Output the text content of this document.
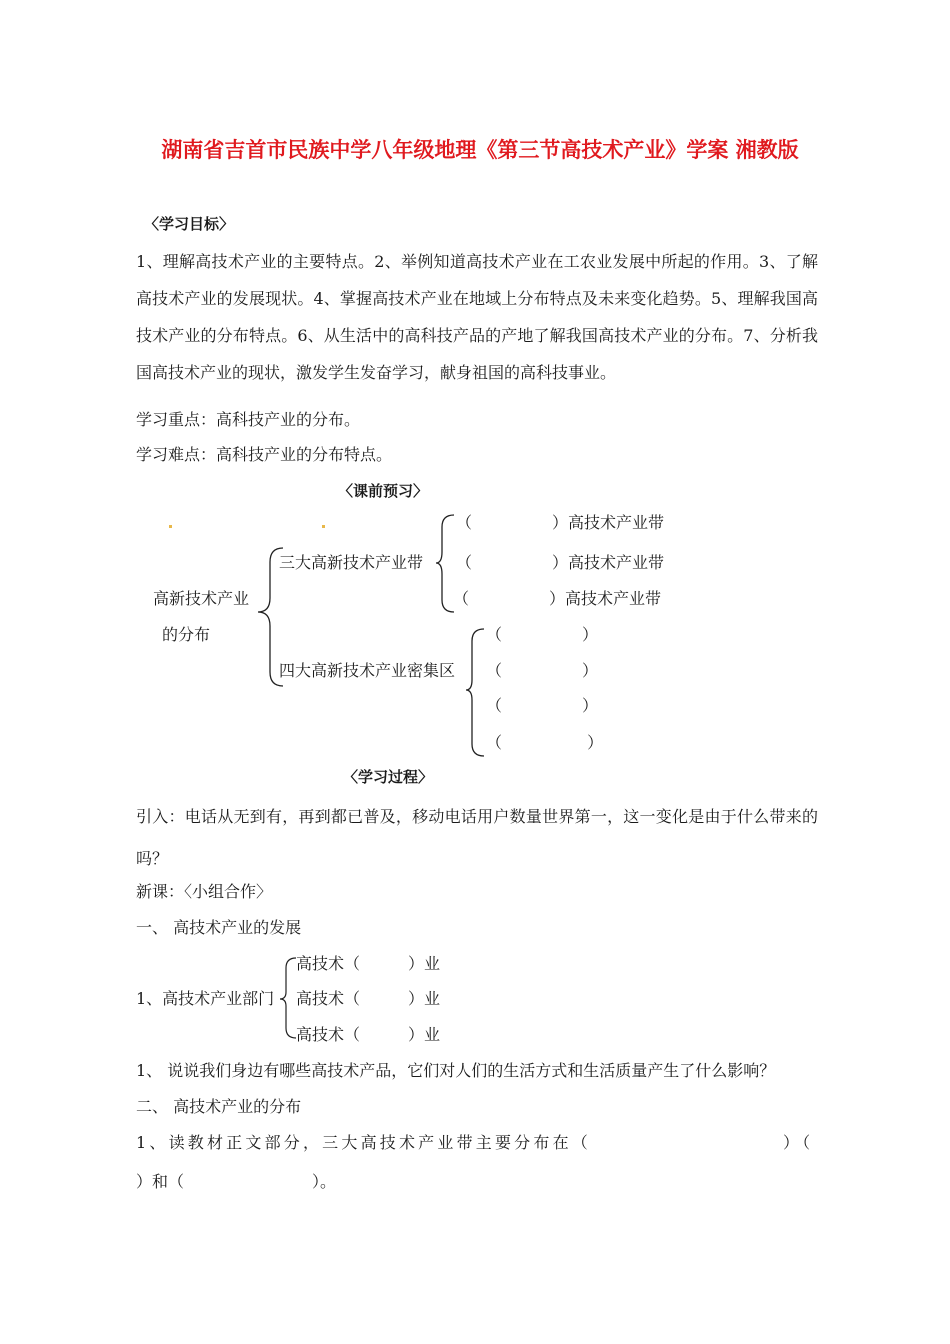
湖南省吉首市民族中学八年级地理《第三节高技术产业》学案 湘教版
〈学习目标〉
1、理解高技术产业的主要特点。2、举例知道高技术产业在工农业发展中所起的作用。3、了解高技术产业的发展现状。4、掌握高技术产业在地域上分布特点及未来变化趋势。5、理解我国高技术产业的分布特点。6、从生活中的高科技产品的产地了解我国高技术产业的分布。7、分析我国高技术产业的现状，激发学生发奋学习，献身祖国的高科技事业。
学习重点：高科技产业的分布。
学习难点：高科技产业的分布特点。
〈课前预习〉
高新技术产业
的分布
三大高新技术产业带
（　　　　　）高技术产业带
（　　　　　）高技术产业带
（　　　　　）高技术产业带
四大高新技术产业密集区
（　　　　　）
（　　　　　）
（　　　　　）
（　　　　　 ）
〈学习过程〉
引入：电话从无到有，再到都已普及，移动电话用户数量世界第一，这一变化是由于什么带来的吗？
新课：〈小组合作〉
一、 高技术产业的发展
1、高技术产业部门
高技术（　　　）业
高技术（　　　）业
高技术（　　　）业
1、 说说我们身边有哪些高技术产品，它们对人们的生活方式和生活质量产生了什么影响？
二、 高技术产业的分布
1、读教材正文部分，三大高技术产业带主要分布在（　　　　　　　　　　）（
）和（　　　　　　　　）。
